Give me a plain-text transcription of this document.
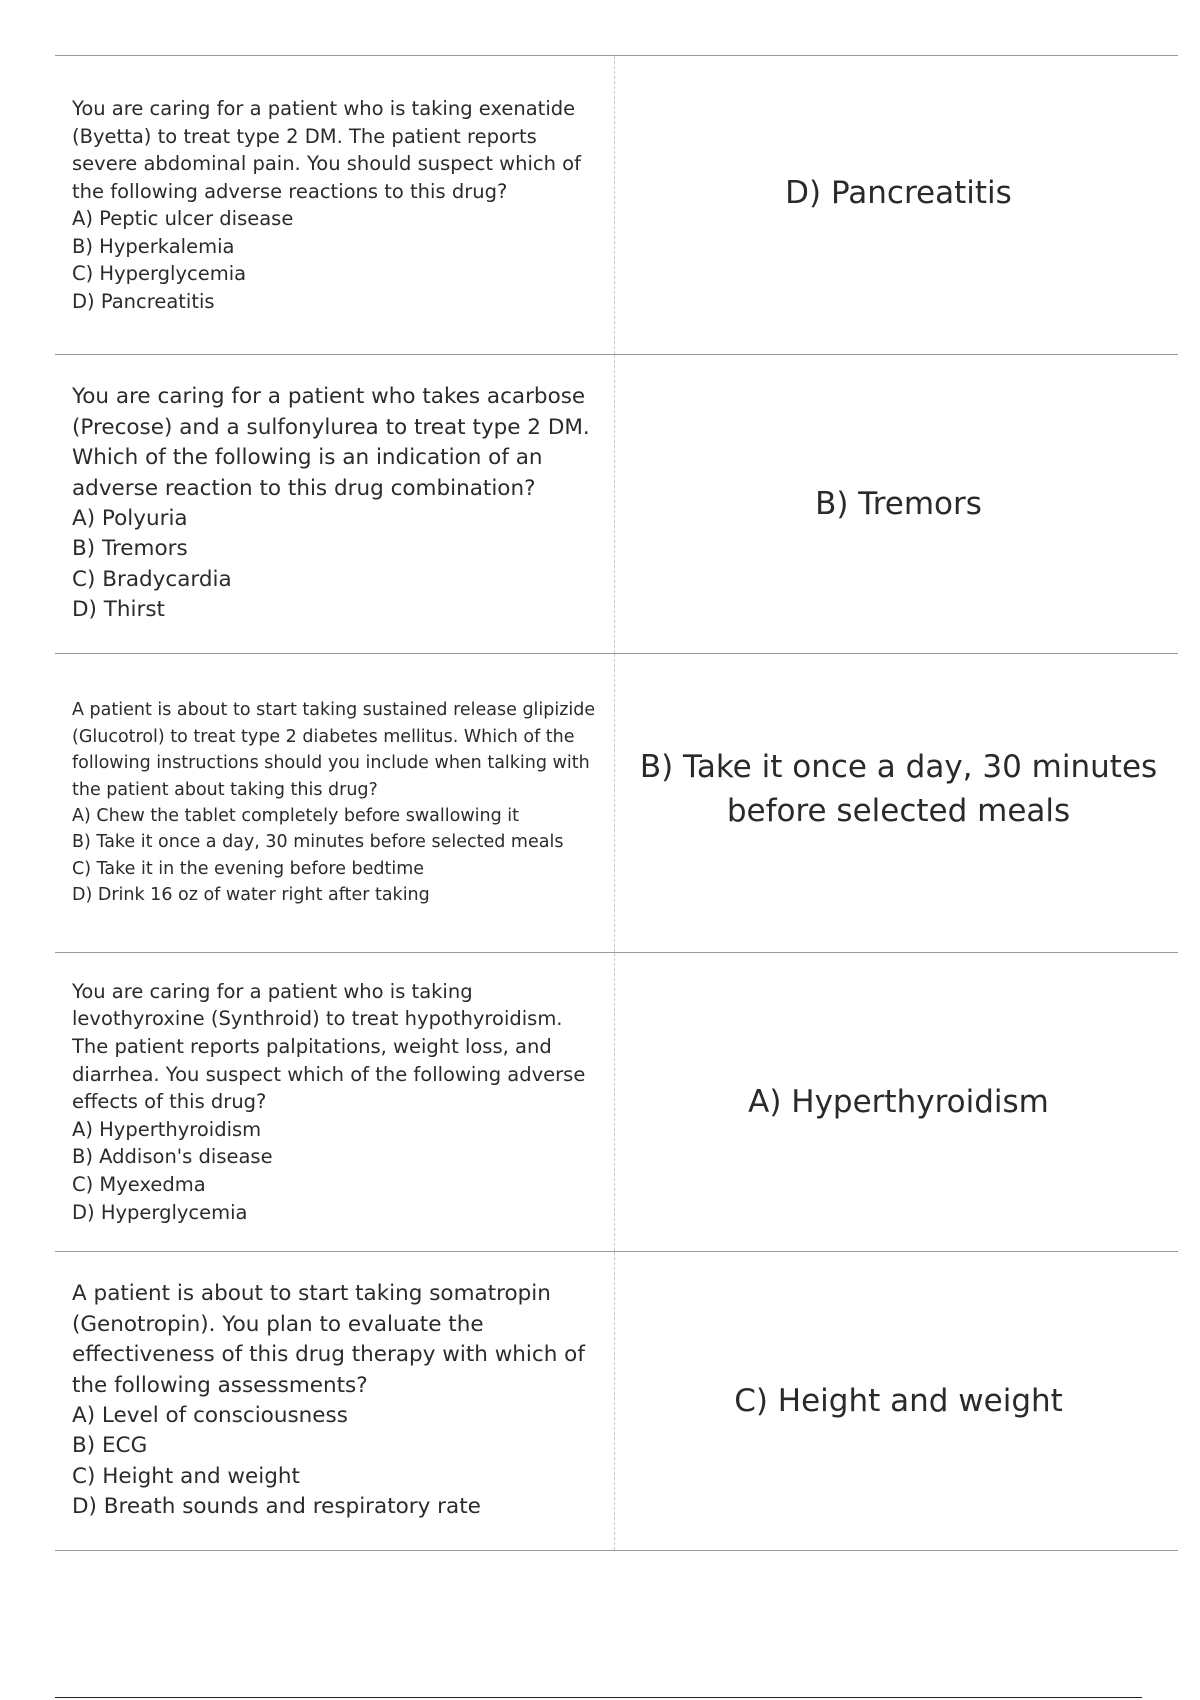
You are caring for a patient who is taking exenatide (Byetta) to treat type 2 DM. The patient reports severe abdominal pain. You should suspect which of the following adverse reactions to this drug?

A) Peptic ulcer disease

B) Hyperkalemia

C) Hyperglycemia

D) Pancreatitis

D) Pancreatitis

You are caring for a patient who takes acarbose (Precose) and a sulfonylurea to treat type 2 DM. Which of the following is an indication of an adverse reaction to this drug combination?

A) Polyuria

B) Tremors

C) Bradycardia

D) Thirst

B) Tremors

A patient is about to start taking sustained release glipizide (Glucotrol) to treat type 2 diabetes mellitus. Which of the following instructions should you include when talking with the patient about taking this drug?

A) Chew the tablet completely before swallowing it

B) Take it once a day, 30 minutes before selected meals

C) Take it in the evening before bedtime

D) Drink 16 oz of water right after taking

B) Take it once a day, 30 minutes before selected meals

You are caring for a patient who is taking levothyroxine (Synthroid) to treat hypothyroidism. The patient reports palpitations, weight loss, and diarrhea. You suspect which of the following adverse effects of this drug?

A) Hyperthyroidism

B) Addison's disease

C) Myexedma

D) Hyperglycemia

A) Hyperthyroidism

A patient is about to start taking somatropin (Genotropin). You plan to evaluate the effectiveness of this drug therapy with which of the following assessments?

A) Level of consciousness

B) ECG

C) Height and weight

D) Breath sounds and respiratory rate

C) Height and weight
